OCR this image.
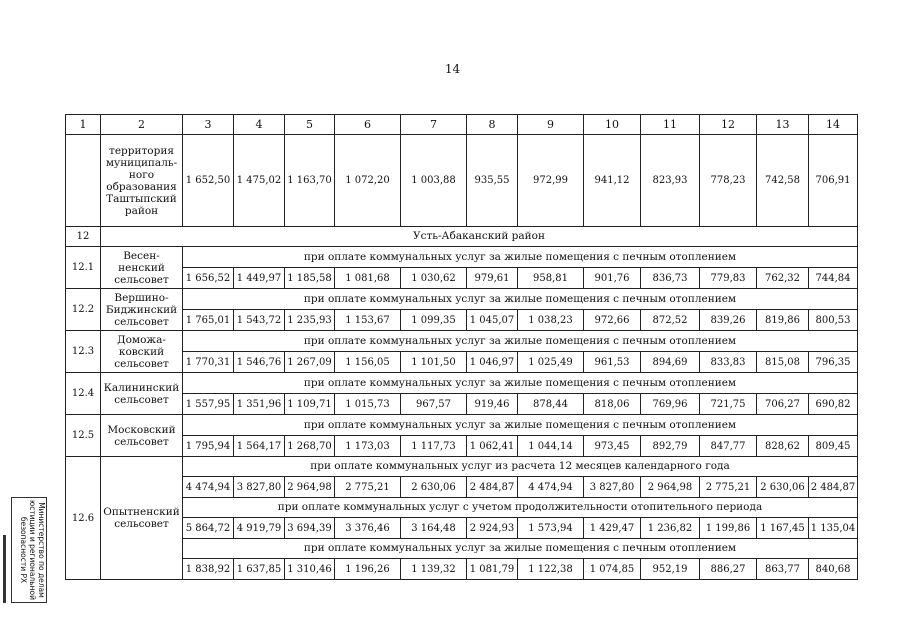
14
1	2	3	4	5	6	7	8	9	10	11	12	13	14
	территория муниципального образования Таштыпский район	1 652,50	1 475,02	1 163,70	1 072,20	1 003,88	935,55	972,99	941,12	823,93	778,23	742,58	706,91
12	Усть-Абаканский район												
12.1	Весенненский сельсовет	при оплате коммунальных услуг за жилые помещения с печным отоплением											
		1 656,52	1 449,97	1 185,58	1 081,68	1 030,62	979,61	958,81	901,76	836,73	779,83	762,32	744,84
12.2	Вершино-Биджинский сельсовет	при оплате коммунальных услуг за жилые помещения с печным отоплением											
		1 765,01	1 543,72	1 235,93	1 153,67	1 099,35	1 045,07	1 038,23	972,66	872,52	839,26	819,86	800,53
12.3	Доможаковский сельсовет	при оплате коммунальных услуг за жилые помещения с печным отоплением											
		1 770,31	1 546,76	1 267,09	1 156,05	1 101,50	1 046,97	1 025,49	961,53	894,69	833,83	815,08	796,35
12.4	Калининский сельсовет	при оплате коммунальных услуг за жилые помещения с печным отоплением											
		1 557,95	1 351,96	1 109,71	1 015,73	967,57	919,46	878,44	818,06	769,96	721,75	706,27	690,82
12.5	Московский сельсовет	при оплате коммунальных услуг за жилые помещения с печным отоплением											
		1 795,94	1 564,17	1 268,70	1 173,03	1 117,73	1 062,41	1 044,14	973,45	892,79	847,77	828,62	809,45
12.6	Опытненский сельсовет	при оплате коммунальных услуг из расчета 12 месяцев календарного года											
		4 474,94	3 827,80	2 964,98	2 775,21	2 630,06	2 484,87	4 474,94	3 827,80	2 964,98	2 775,21	2 630,06	2 484,87
		при оплате коммунальных услуг с учетом продолжительности отопительного периода											
		5 864,72	4 919,79	3 694,39	3 376,46	3 164,48	2 924,93	1 573,94	1 429,47	1 236,82	1 199,86	1 167,45	1 135,04
		при оплате коммунальных услуг за жилые помещения с печным отоплением											
		1 838,92	1 637,85	1 310,46	1 196,26	1 139,32	1 081,79	1 122,38	1 074,85	952,19	886,27	863,77	840,68
Министерство по делам юстиции и региональной безопасности РХ
